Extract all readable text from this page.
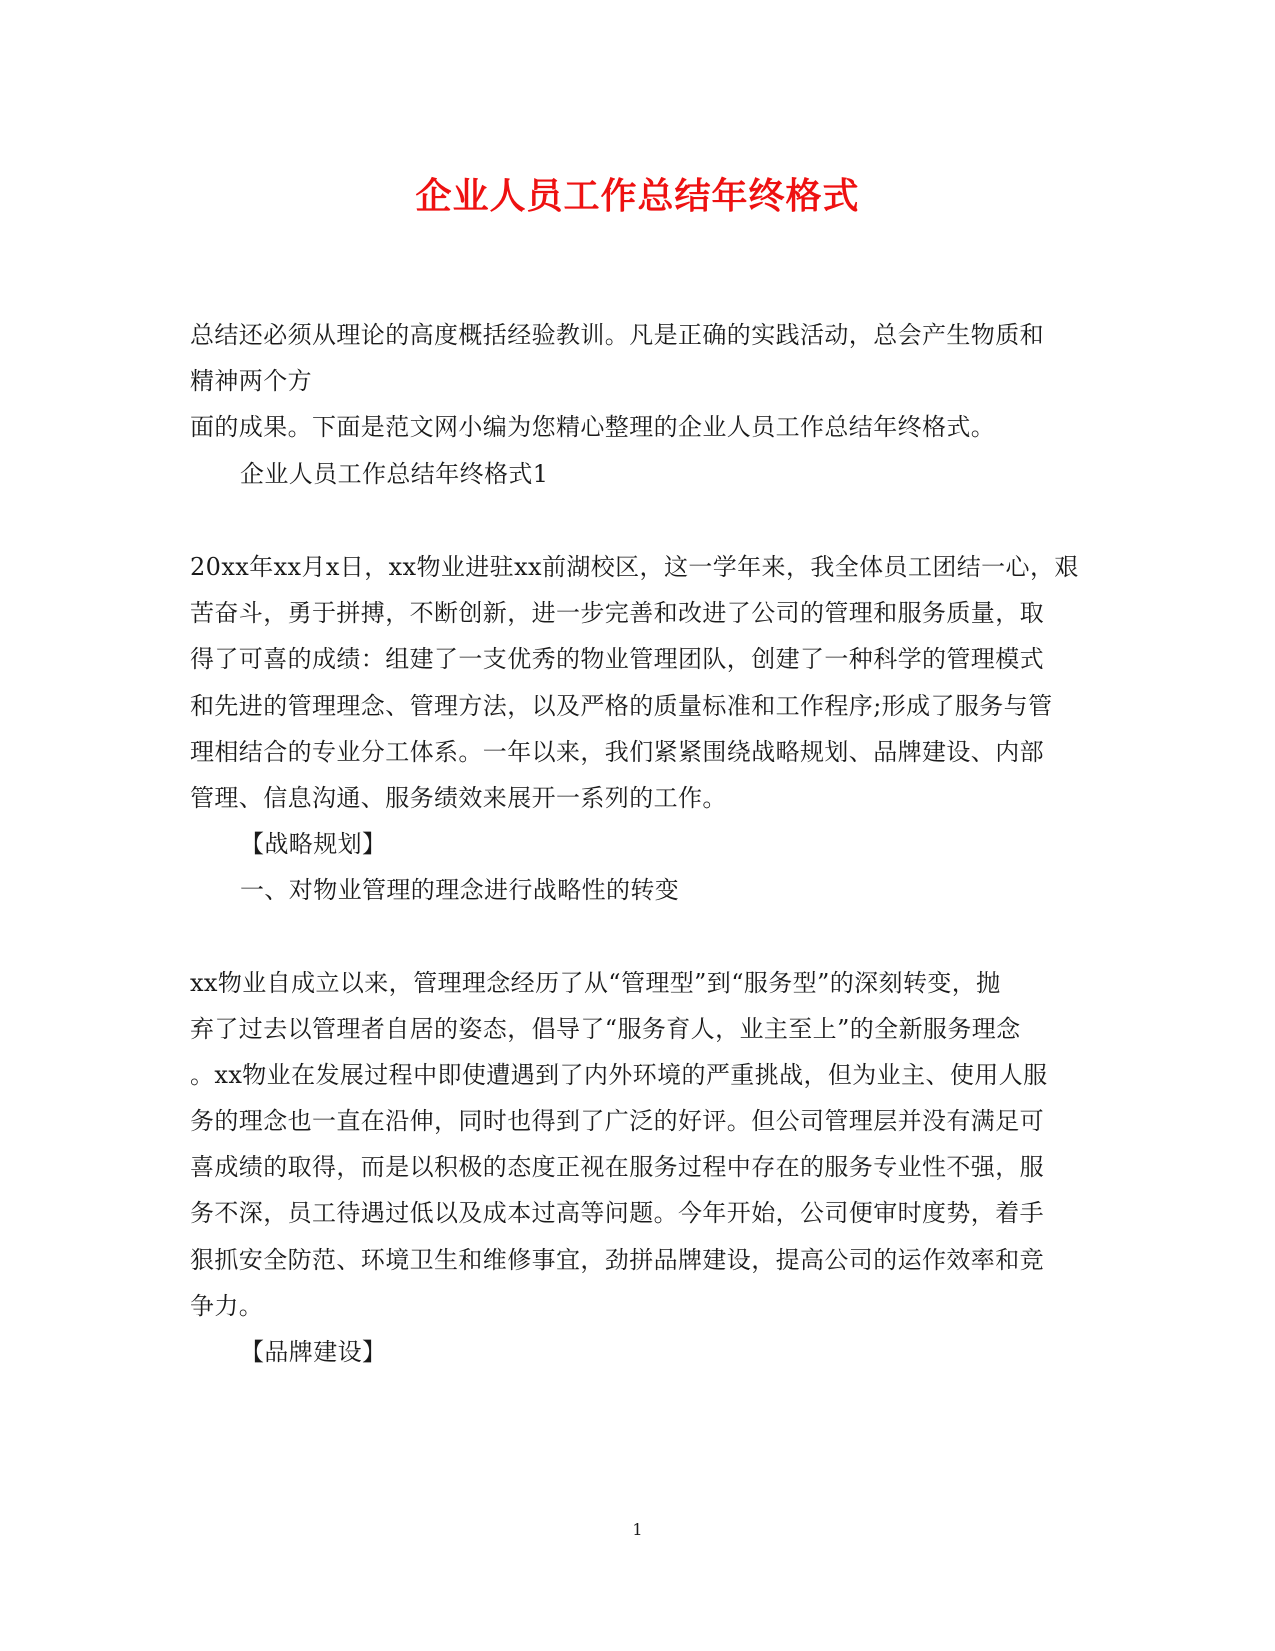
企业人员工作总结年终格式
总结还必须从理论的高度概括经验教训。凡是正确的实践活动，总会产生物质和
精神两个方
面的成果。下面是范文网小编为您精心整理的企业人员工作总结年终格式。
企业人员工作总结年终格式1
20xx年xx月x日，xx物业进驻xx前湖校区，这一学年来，我全体员工团结一心，艰
苦奋斗，勇于拼搏，不断创新，进一步完善和改进了公司的管理和服务质量，取
得了可喜的成绩：组建了一支优秀的物业管理团队，创建了一种科学的管理模式
和先进的管理理念、管理方法，以及严格的质量标准和工作程序;形成了服务与管
理相结合的专业分工体系。一年以来，我们紧紧围绕战略规划、品牌建设、内部
管理、信息沟通、服务绩效来展开一系列的工作。
【战略规划】
一、对物业管理的理念进行战略性的转变
xx物业自成立以来，管理理念经历了从“管理型”到“服务型”的深刻转变，抛
弃了过去以管理者自居的姿态，倡导了“服务育人，业主至上”的全新服务理念
。xx物业在发展过程中即使遭遇到了内外环境的严重挑战，但为业主、使用人服
务的理念也一直在沿伸，同时也得到了广泛的好评。但公司管理层并没有满足可
喜成绩的取得，而是以积极的态度正视在服务过程中存在的服务专业性不强，服
务不深，员工待遇过低以及成本过高等问题。今年开始，公司便审时度势，着手
狠抓安全防范、环境卫生和维修事宜，劲拼品牌建设，提高公司的运作效率和竞
争力。
【品牌建设】
1
